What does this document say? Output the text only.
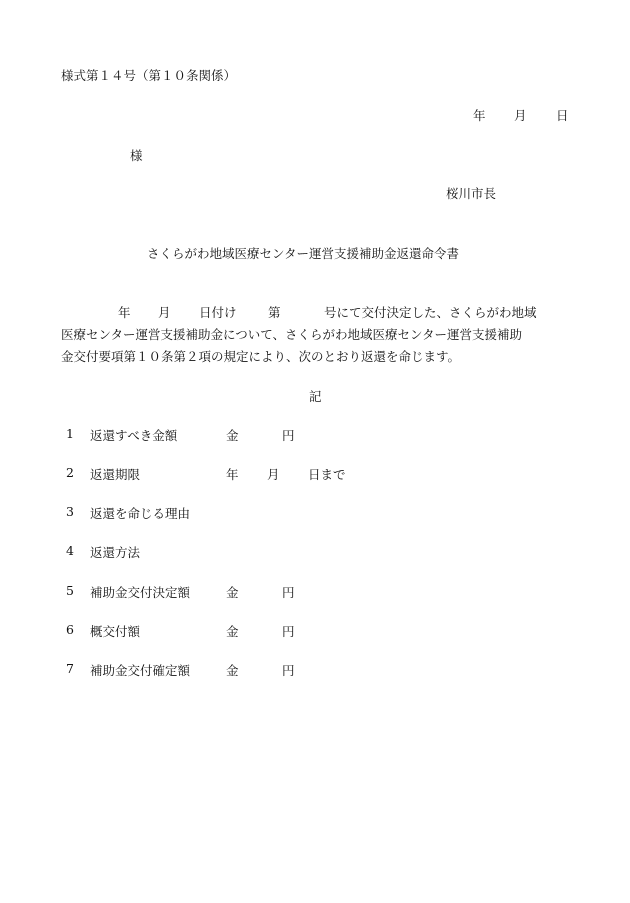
様式第１４号（第１０条関係）
年 月 日
様
桜川市長
さくらがわ地域医療センター運営支援補助金返還命令書
年 月 日付け	第	号にて交付決定した、さくらがわ地域
医療センター運営支援補助金について、さくらがわ地域医療センター運営支援補助
金交付要項第１０条第２項の規定により、次のとおり返還を命じます。
記
1 返還すべき金額	金	円
2 返還期限	年 月 日まで
3 返還を命じる理由
4 返還方法
5 補助金交付決定額	金	円
6 概交付額	金	円
7 補助金交付確定額	金	円
